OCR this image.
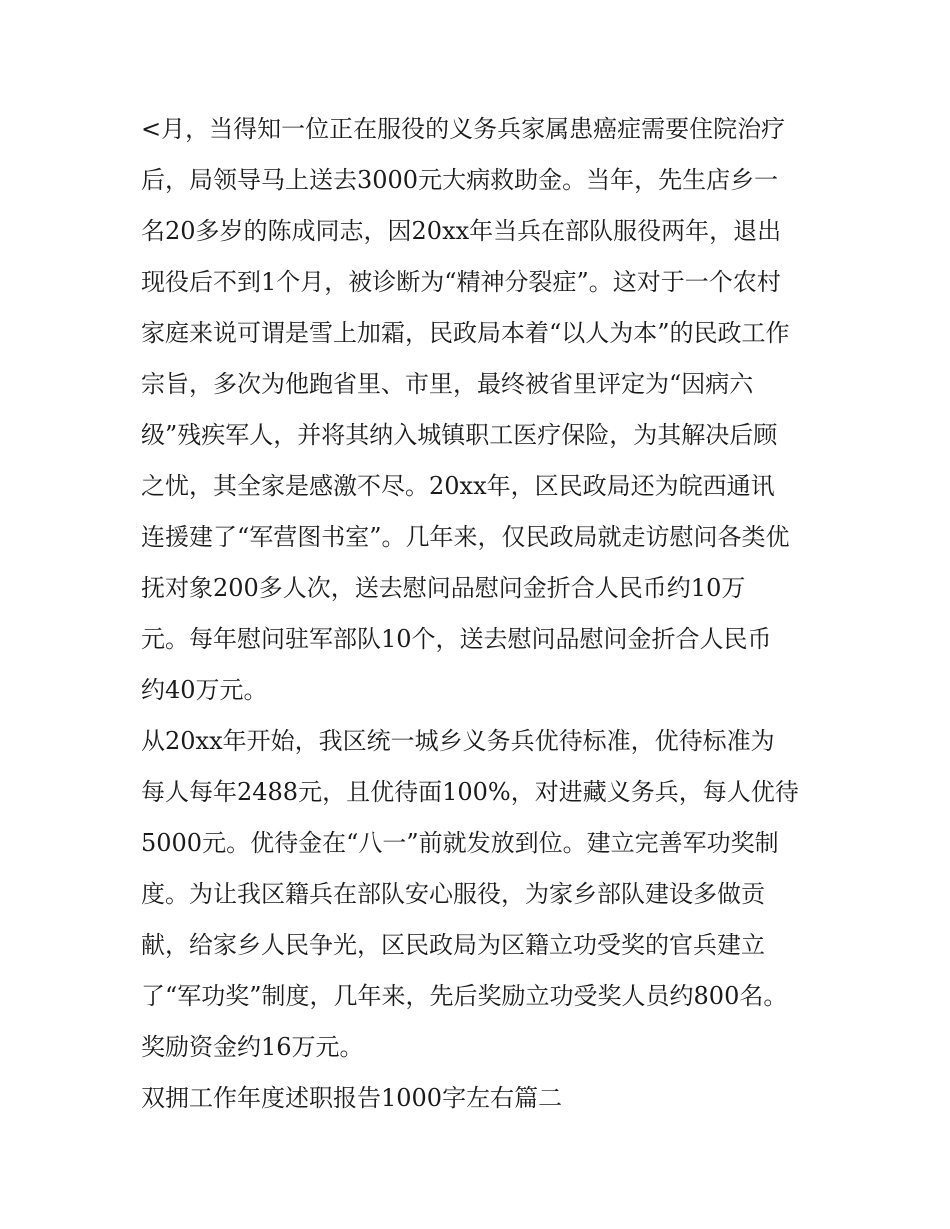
<月，当得知一位正在服役的义务兵家属患癌症需要住院治疗
后，局领导马上送去3000元大病救助金。当年，先生店乡一
名20多岁的陈成同志，因20xx年当兵在部队服役两年，退出
现役后不到1个月，被诊断为“精神分裂症”。这对于一个农村
家庭来说可谓是雪上加霜，民政局本着“以人为本”的民政工作
宗旨，多次为他跑省里、市里，最终被省里评定为“因病六
级”残疾军人，并将其纳入城镇职工医疗保险，为其解决后顾
之忧，其全家是感激不尽。20xx年，区民政局还为皖西通讯
连援建了“军营图书室”。几年来，仅民政局就走访慰问各类优
抚对象200多人次，送去慰问品慰问金折合人民币约10万
元。每年慰问驻军部队10个，送去慰问品慰问金折合人民币
约40万元。
从20xx年开始，我区统一城乡义务兵优待标准，优待标准为
每人每年2488元，且优待面100%，对进藏义务兵，每人优待
5000元。优待金在“八一”前就发放到位。建立完善军功奖制
度。为让我区籍兵在部队安心服役，为家乡部队建设多做贡
献，给家乡人民争光，区民政局为区籍立功受奖的官兵建立
了“军功奖”制度，几年来，先后奖励立功受奖人员约800名。
奖励资金约16万元。
双拥工作年度述职报告1000字左右篇二
